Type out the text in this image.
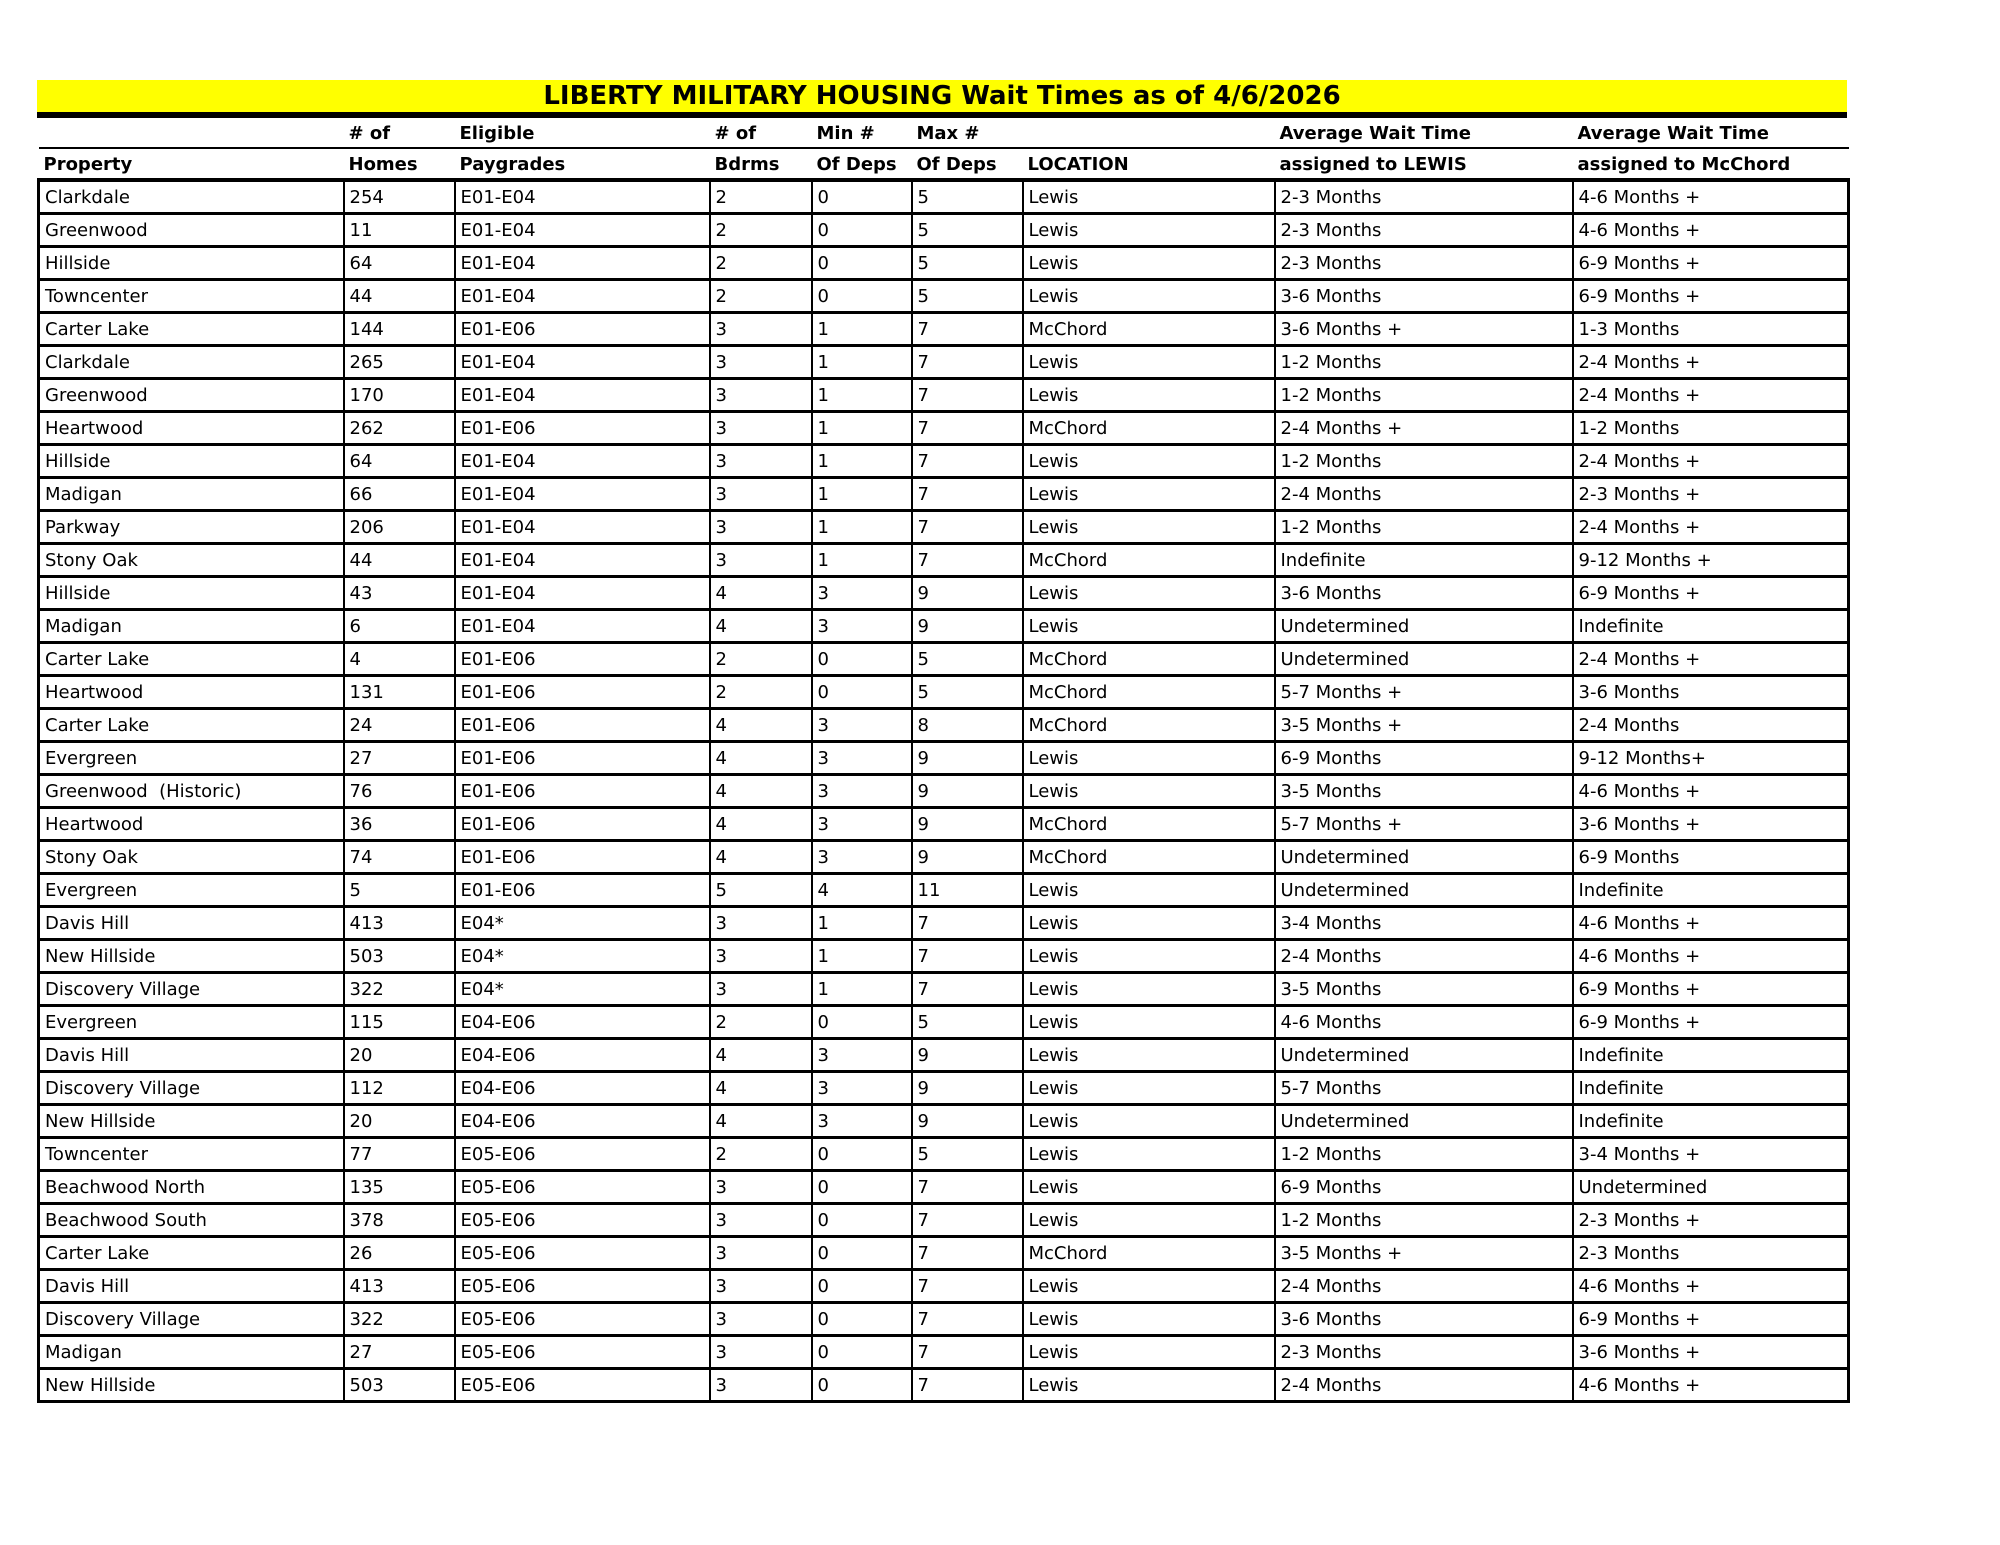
LIBERTY MILITARY HOUSING Wait Times as of 4/6/2026
	# of	Eligible	# of	Min #	Max #		Average Wait Time	Average Wait Time
Property	Homes	Paygrades	Bdrms	Of Deps	Of Deps	LOCATION	assigned to LEWIS	assigned to McChord
Clarkdale	254	E01-E04	2	0	5	Lewis	2-3 Months	4-6 Months +
Greenwood	11	E01-E04	2	0	5	Lewis	2-3 Months	4-6 Months +
Hillside	64	E01-E04	2	0	5	Lewis	2-3 Months	6-9 Months +
Towncenter	44	E01-E04	2	0	5	Lewis	3-6 Months	6-9 Months +
Carter Lake	144	E01-E06	3	1	7	McChord	3-6 Months +	1-3 Months
Clarkdale	265	E01-E04	3	1	7	Lewis	1-2 Months	2-4 Months +
Greenwood	170	E01-E04	3	1	7	Lewis	1-2 Months	2-4 Months +
Heartwood	262	E01-E06	3	1	7	McChord	2-4 Months +	1-2 Months
Hillside	64	E01-E04	3	1	7	Lewis	1-2 Months	2-4 Months +
Madigan	66	E01-E04	3	1	7	Lewis	2-4 Months	2-3 Months +
Parkway	206	E01-E04	3	1	7	Lewis	1-2 Months	2-4 Months +
Stony Oak	44	E01-E04	3	1	7	McChord	Indefinite	9-12 Months +
Hillside	43	E01-E04	4	3	9	Lewis	3-6 Months	6-9 Months +
Madigan	6	E01-E04	4	3	9	Lewis	Undetermined	Indefinite
Carter Lake	4	E01-E06	2	0	5	McChord	Undetermined	2-4 Months +
Heartwood	131	E01-E06	2	0	5	McChord	5-7 Months +	3-6 Months
Carter Lake	24	E01-E06	4	3	8	McChord	3-5 Months +	2-4 Months
Evergreen	27	E01-E06	4	3	9	Lewis	6-9 Months	9-12 Months+
Greenwood  (Historic)	76	E01-E06	4	3	9	Lewis	3-5 Months	4-6 Months +
Heartwood	36	E01-E06	4	3	9	McChord	5-7 Months +	3-6 Months +
Stony Oak	74	E01-E06	4	3	9	McChord	Undetermined	6-9 Months
Evergreen	5	E01-E06	5	4	11	Lewis	Undetermined	Indefinite
Davis Hill	413	E04*	3	1	7	Lewis	3-4 Months	4-6 Months +
New Hillside	503	E04*	3	1	7	Lewis	2-4 Months	4-6 Months +
Discovery Village	322	E04*	3	1	7	Lewis	3-5 Months	6-9 Months +
Evergreen	115	E04-E06	2	0	5	Lewis	4-6 Months	6-9 Months +
Davis Hill	20	E04-E06	4	3	9	Lewis	Undetermined	Indefinite
Discovery Village	112	E04-E06	4	3	9	Lewis	5-7 Months	Indefinite
New Hillside	20	E04-E06	4	3	9	Lewis	Undetermined	Indefinite
Towncenter	77	E05-E06	2	0	5	Lewis	1-2 Months	3-4 Months +
Beachwood North	135	E05-E06	3	0	7	Lewis	6-9 Months	Undetermined
Beachwood South	378	E05-E06	3	0	7	Lewis	1-2 Months	2-3 Months +
Carter Lake	26	E05-E06	3	0	7	McChord	3-5 Months +	2-3 Months
Davis Hill	413	E05-E06	3	0	7	Lewis	2-4 Months	4-6 Months +
Discovery Village	322	E05-E06	3	0	7	Lewis	3-6 Months	6-9 Months +
Madigan	27	E05-E06	3	0	7	Lewis	2-3 Months	3-6 Months +
New Hillside	503	E05-E06	3	0	7	Lewis	2-4 Months	4-6 Months +
